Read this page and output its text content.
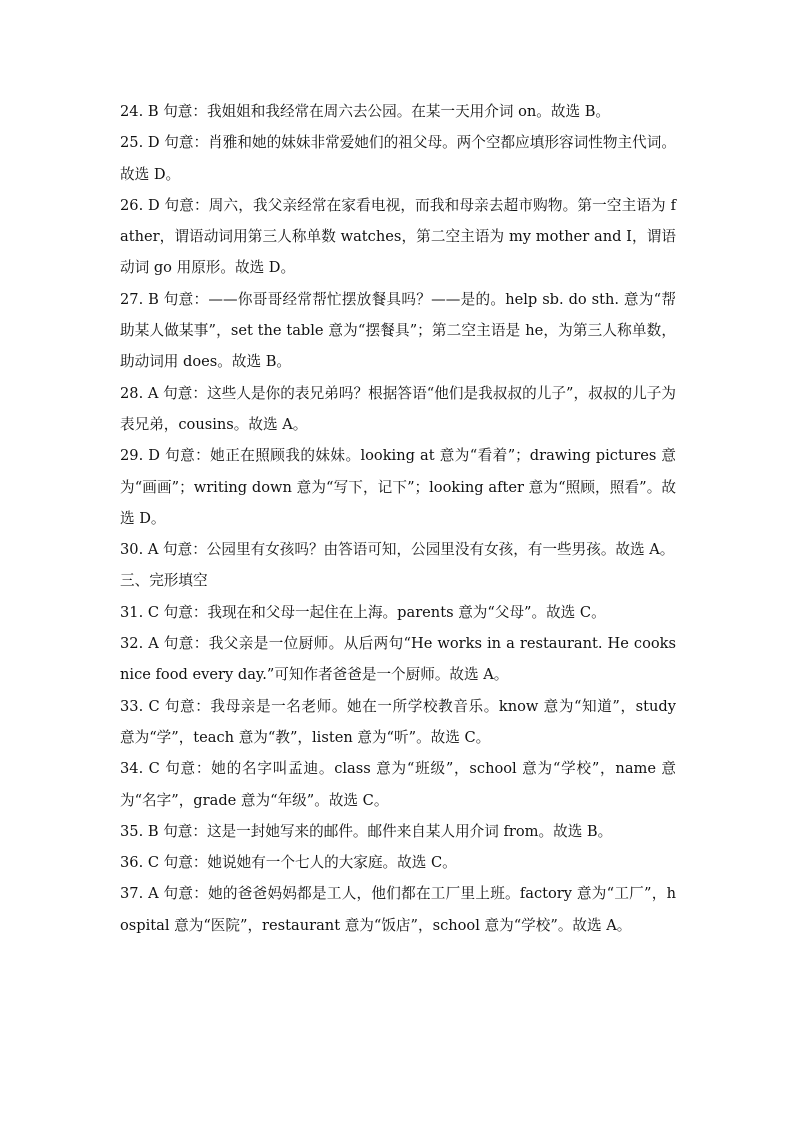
24. B 句意：我姐姐和我经常在周六去公园。在某一天用介词 on。故选 B。

25. D 句意：肖雅和她的妹妹非常爱她们的祖父母。两个空都应填形容词性物主代词。故选 D。

26. D 句意：周六，我父亲经常在家看电视，而我和母亲去超市购物。第一空主语为 father，谓语动词用第三人称单数 watches，第二空主语为 my mother and I，谓语动词 go 用原形。故选 D。

27. B 句意：——你哥哥经常帮忙摆放餐具吗？——是的。help sb. do sth. 意为“帮助某人做某事”，set the table 意为“摆餐具”；第二空主语是 he，为第三人称单数，助动词用 does。故选 B。

28. A 句意：这些人是你的表兄弟吗？根据答语“他们是我叔叔的儿子”，叔叔的儿子为表兄弟，cousins。故选 A。

29. D 句意：她正在照顾我的妹妹。looking at 意为“看着”；drawing pictures 意为“画画”；writing down 意为“写下，记下”；looking after 意为“照顾，照看”。故选 D。

30. A 句意：公园里有女孩吗？由答语可知，公园里没有女孩，有一些男孩。故选 A。

三、完形填空

31. C 句意：我现在和父母一起住在上海。parents 意为“父母”。故选 C。

32. A 句意：我父亲是一位厨师。从后两句“He works in a restaurant. He cooks nice food every day.”可知作者爸爸是一个厨师。故选 A。

33. C 句意：我母亲是一名老师。她在一所学校教音乐。know 意为“知道”，study 意为“学”，teach 意为“教”，listen 意为“听”。故选 C。

34. C 句意：她的名字叫孟迪。class 意为“班级”，school 意为“学校”，name 意为“名字”，grade 意为“年级”。故选 C。

35. B 句意：这是一封她写来的邮件。邮件来自某人用介词 from。故选 B。

36. C 句意：她说她有一个七人的大家庭。故选 C。

37. A 句意：她的爸爸妈妈都是工人，他们都在工厂里上班。factory 意为“工厂”，hospital 意为“医院”，restaurant 意为“饭店”，school 意为“学校”。故选 A。
